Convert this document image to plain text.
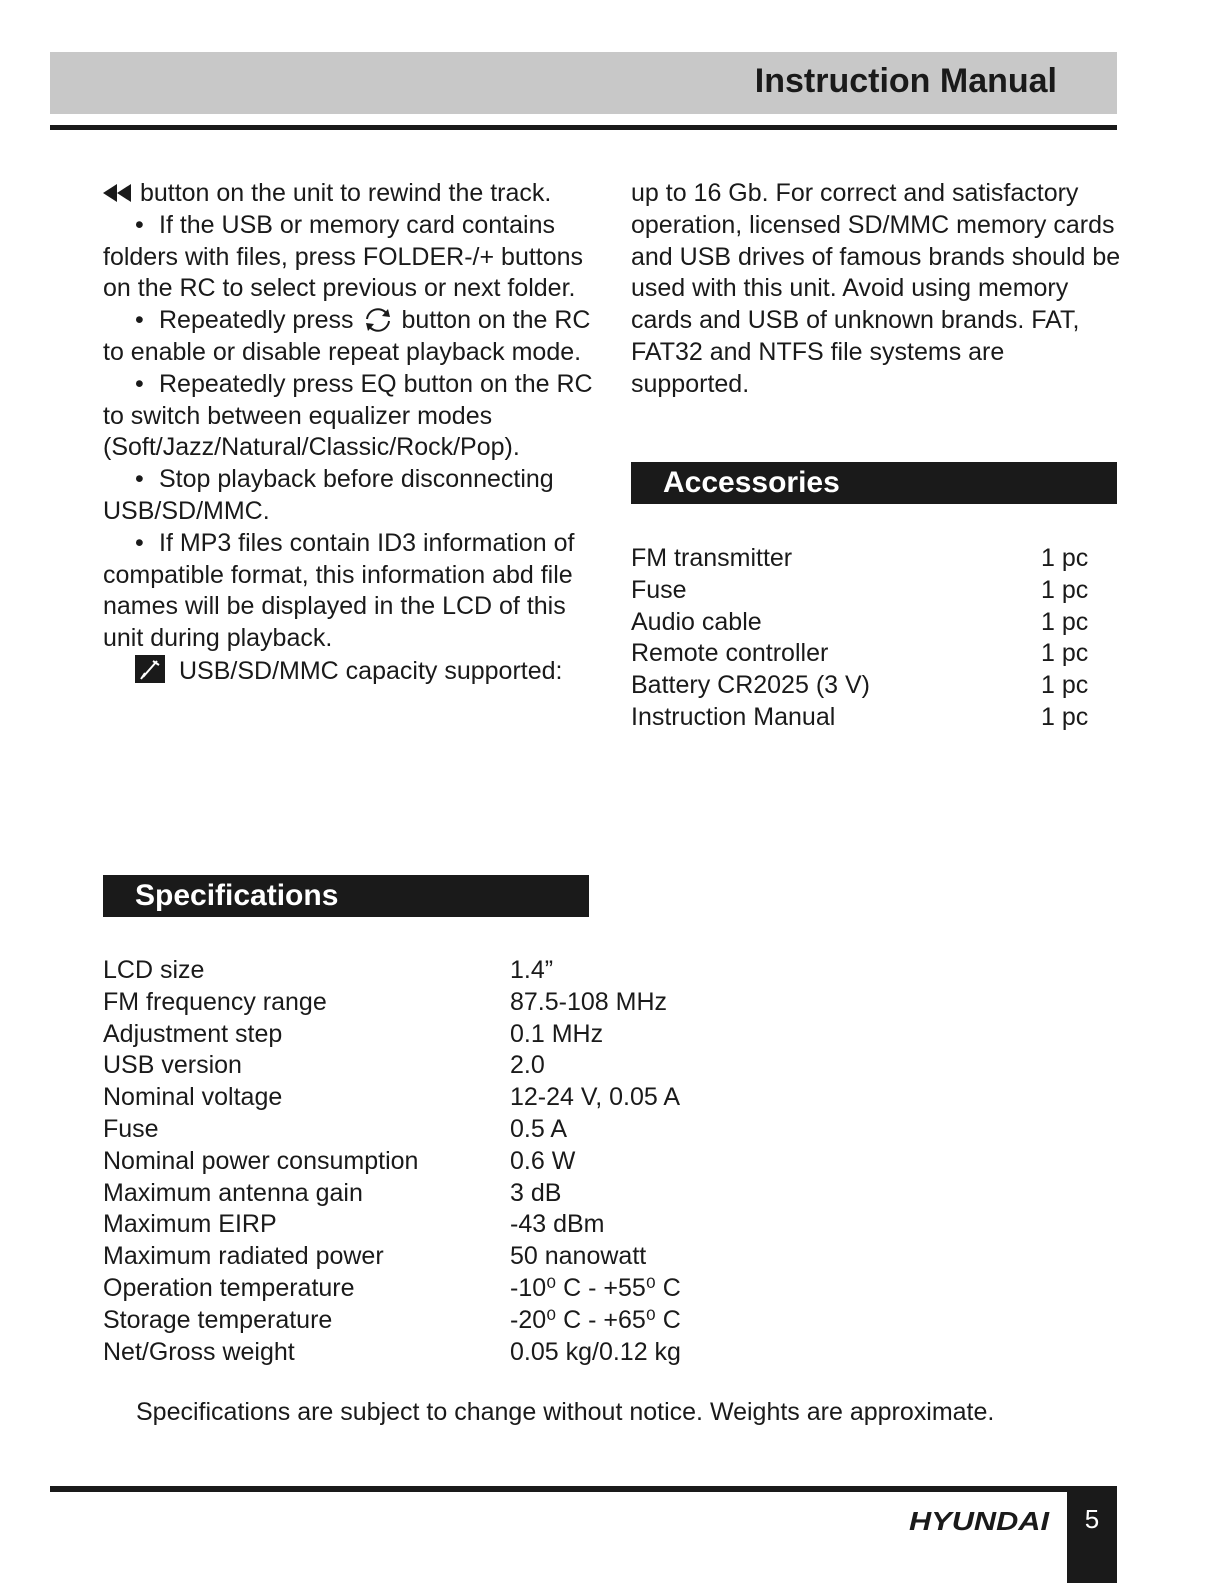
Instruction Manual

button on the unit to rewind the track.

• If the USB or memory card contains folders with files, press FOLDER-/+ buttons on the RC to select previous or next folder.

• Repeatedly press button on the RC to enable or disable repeat playback mode.

• Repeatedly press EQ button on the RC to switch between equalizer modes (Soft/Jazz/Natural/Classic/Rock/Pop).

• Stop playback before disconnecting USB/SD/MMC.

• If MP3 files contain ID3 information of compatible format, this information abd file names will be displayed in the LCD of this unit during playback.

USB/SD/MMC capacity supported:

up to 16 Gb. For correct and satisfactory operation, licensed SD/MMC memory cards and USB drives of famous brands should be used with this unit. Avoid using memory cards and USB of unknown brands. FAT, FAT32 and NTFS file systems are supported.

Accessories
FM transmitter	1 pc
Fuse	1 pc
Audio cable	1 pc
Remote controller	1 pc
Battery CR2025 (3 V)	1 pc
Instruction Manual	1 pc
Specifications
LCD size	1.4”
FM frequency range	87.5-108 MHz
Adjustment step	0.1 MHz
USB version	2.0
Nominal voltage	12-24 V, 0.05 A
Fuse	0.5 A
Nominal power consumption	0.6 W
Maximum antenna gain	3 dB
Maximum EIRP	-43 dBm
Maximum radiated power	50 nanowatt
Operation temperature	-10⁰ C - +55⁰ C
Storage temperature	-20⁰ C - +65⁰ C
Net/Gross weight	0.05 kg/0.12 kg
Specifications are subject to change without notice. Weights are approximate.
HYUNDAI	5
